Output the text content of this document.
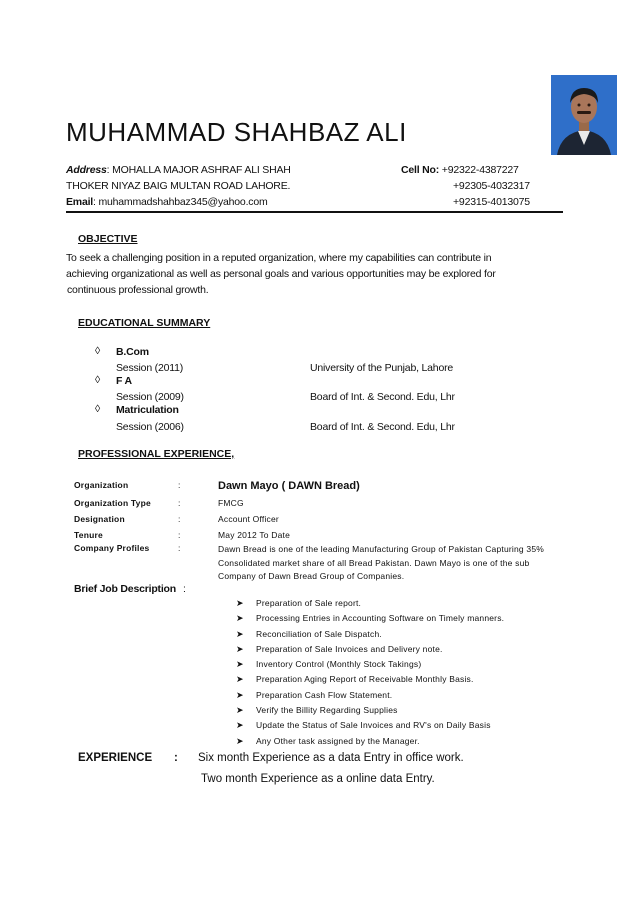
MUHAMMAD SHAHBAZ ALI
Address: MOHALLA MAJOR ASHRAF ALI SHAH
THOKER NIYAZ BAIG MULTAN ROAD LAHORE.
Email: muhammadshahbaz345@yahoo.com
Cell No: +92322-4387227
+92305-4032317
+92315-4013075
OBJECTIVE
To seek a challenging position in a reputed organization, where my capabilities can contribute in
achieving organizational as well as personal goals and various opportunities may be explored for
continuous professional growth.
EDUCATIONAL SUMMARY
◊ B.Com
Session (2011)	University of the Punjab, Lahore
◊ F A
Session (2009)	Board of Int. & Second. Edu, Lhr
◊ Matriculation
Session (2006)	Board of Int. & Second. Edu, Lhr
PROFESSIONAL EXPERIENCE,
Organization	:	Dawn Mayo ( DAWN Bread)
Organization Type	:	FMCG
Designation	:	Account Officer
Tenure	:	May 2012 To Date
Company Profiles	:	Dawn Bread is one of the leading Manufacturing Group of Pakistan Capturing 35%
Consolidated market share of all Bread Pakistan. Dawn Mayo is one of the sub
Company of Dawn Bread Group of Companies.
Brief Job Description :
➤ Preparation of Sale report.
➤ Processing Entries in Accounting Software on Timely manners.
➤ Reconciliation of Sale Dispatch.
➤ Preparation of Sale Invoices and Delivery note.
➤ Inventory Control (Monthly Stock Takings)
➤ Preparation Aging Report of Receivable Monthly Basis.
➤ Preparation Cash Flow Statement.
➤ Verify the Billity Regarding Supplies
➤ Update the Status of Sale Invoices and RV's on Daily Basis
➤ Any Other task assigned by the Manager.
EXPERIENCE : Six month Experience as a data Entry in office work.
Two month Experience as a online data Entry.
